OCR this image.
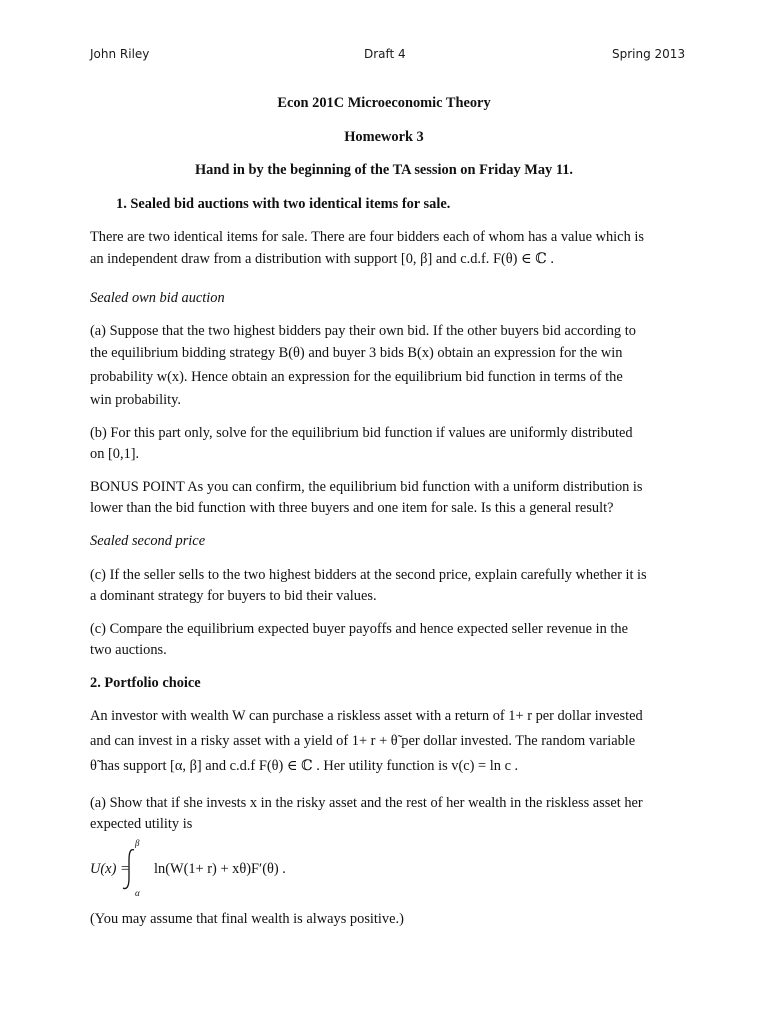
John Riley	Draft 4	Spring 2013
Econ 201C Microeconomic Theory
Homework 3
Hand in by the beginning of the TA session on Friday May 11.
1. Sealed bid auctions with two identical items for sale.
There are two identical items for sale. There are four bidders each of whom has a value which is
an independent draw from a distribution with support [0, β] and c.d.f. F(θ) ∈ ℂ .
Sealed own bid auction
(a) Suppose that the two highest bidders pay their own bid. If the other buyers bid according to
the equilibrium bidding strategy B(θ) and buyer 3 bids B(x) obtain an expression for the win
probability w(x). Hence obtain an expression for the equilibrium bid function in terms of the
win probability.
(b) For this part only, solve for the equilibrium bid function if values are uniformly distributed
on [0,1].
BONUS POINT As you can confirm, the equilibrium bid function with a uniform distribution is
lower than the bid function with three buyers and one item for sale. Is this a general result?
Sealed second price
(c) If the seller sells to the two highest bidders at the second price, explain carefully whether it is
a dominant strategy for buyers to bid their values.
(c) Compare the equilibrium expected buyer payoffs and hence expected seller revenue in the
two auctions.
2. Portfolio choice
An investor with wealth W can purchase a riskless asset with a return of 1+ r per dollar invested
and can invest in a risky asset with a yield of 1+ r + θ̃ per dollar invested. The random variable
θ̃ has support [α, β] and c.d.f F(θ) ∈ ℂ . Her utility function is v(c) = ln c .
(a) Show that if she invests x in the risky asset and the rest of her wealth in the riskless asset her
expected utility is
U(x) =
β
α
ln(W(1+ r) + xθ)F′(θ) .
(You may assume that final wealth is always positive.)
